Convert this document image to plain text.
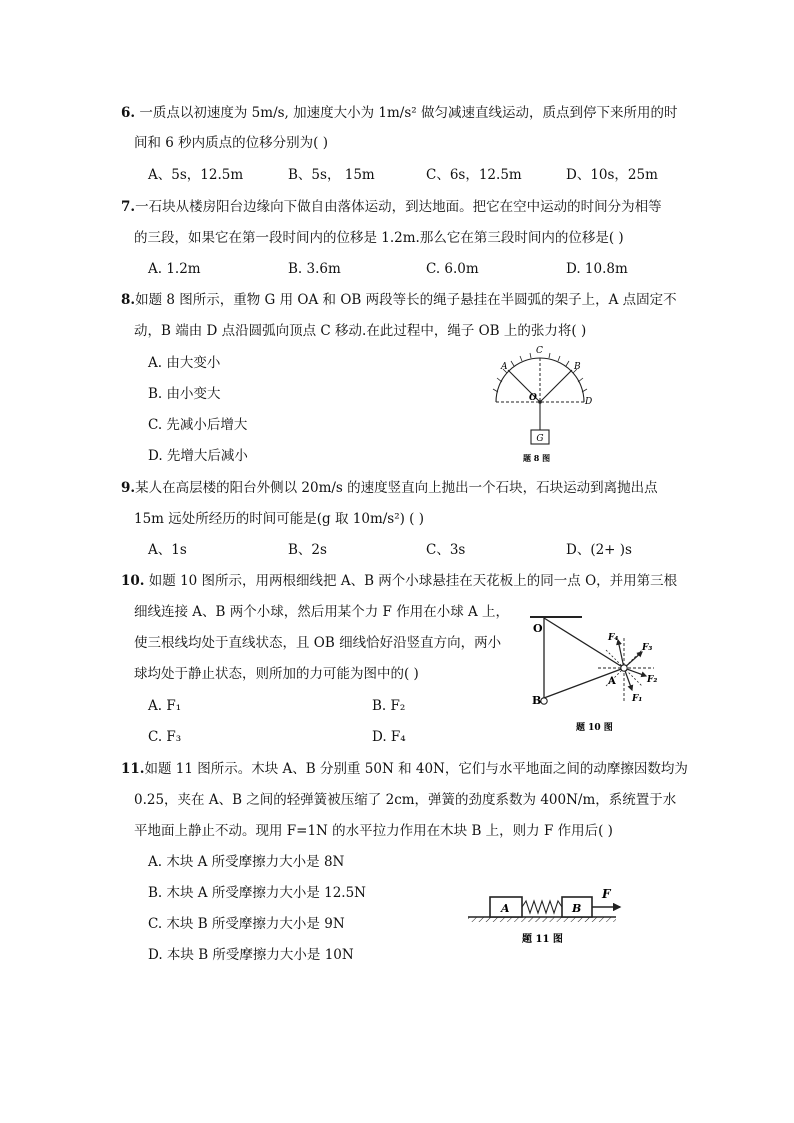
6. 一质点以初速度为 5m/s, 加速度大小为 1m/s² 做匀减速直线运动，质点到停下来所用的时
间和 6 秒内质点的位移分别为( )
A、5s，12.5m	B、5s， 15m	C、6s，12.5m	D、10s，25m
7.一石块从楼房阳台边缘向下做自由落体运动，到达地面。把它在空中运动的时间分为相等
的三段，如果它在第一段时间内的位移是 1.2m.那么它在第三段时间内的位移是( )
A. 1.2m	B. 3.6m	C. 6.0m	D. 10.8m
8.如题 8 图所示，重物 G 用 OA 和 OB 两段等长的绳子悬挂在半圆弧的架子上，A 点固定不
动，B 端由 D 点沿圆弧向顶点 C 移动.在此过程中，绳子 OB 上的张力将( )
A. 由大变小
B. 由小变大
C. 先减小后增大
D. 先增大后减小
G
A
C
B
O	D
题 8 图
9.某人在高层楼的阳台外侧以 20m/s 的速度竖直向上抛出一个石块，石块运动到离抛出点
15m 远处所经历的时间可能是(g 取 10m/s²) ( )
A、1s	B、2s	C、3s	D、(2+ )s
10. 如题 10 图所示，用两根细线把 A、B 两个小球悬挂在天花板上的同一点 O，并用第三根
细线连接 A、B 两个小球，然后用某个力 F 作用在小球 A 上，
使三根线均处于直线状态，且 OB 细线恰好沿竖直方向，两小
球均处于静止状态，则所加的力可能为图中的( )
A. F₁	B. F₂
C. F₃	D. F₄
O
B
A
F₄
F₃
F₂
F₁
题 10 图
11.如题 11 图所示。木块 A、B 分别重 50N 和 40N，它们与水平地面之间的动摩擦因数均为
0.25，夹在 A、B 之间的轻弹簧被压缩了 2cm，弹簧的劲度系数为 400N/m，系统置于水
平地面上静止不动。现用 F=1N 的水平拉力作用在木块 B 上，则力 F 作用后( )
A. 木块 A 所受摩擦力大小是 8N
B. 木块 A 所受摩擦力大小是 12.5N
C. 木块 B 所受摩擦力大小是 9N
D. 本块 B 所受摩擦力大小是 10N
A	B
F
题 11 图
